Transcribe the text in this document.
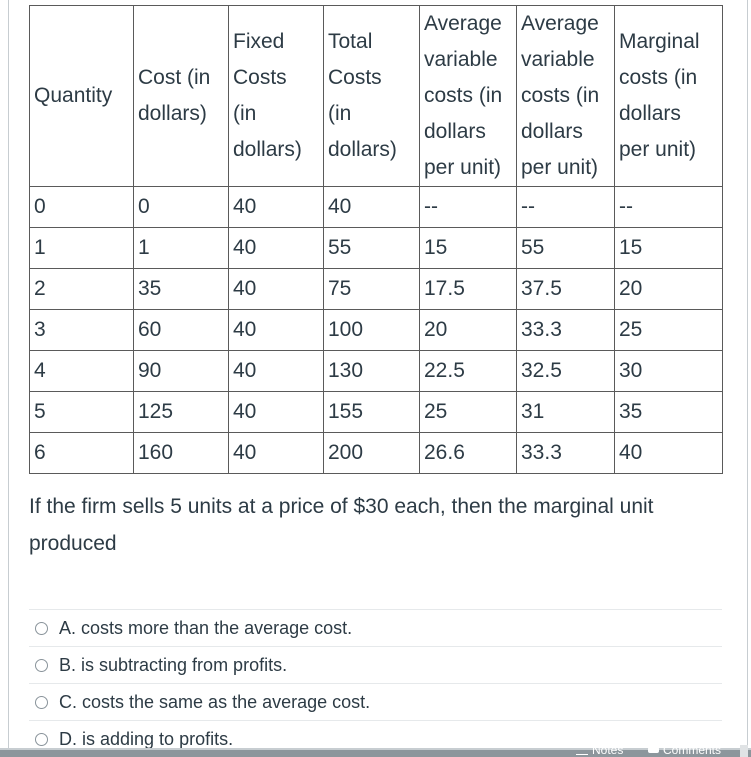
Quantity	Cost (in
dollars)	Fixed
Costs
(in
dollars)	Total
Costs
(in
dollars)	Average
variable
costs (in
dollars
per unit)	Average
variable
costs (in
dollars
per unit)	Marginal
costs (in
dollars
per unit)

0	0	40	40	--	--	--
1	1	40	55	15	55	15
2	35	40	75	17.5	37.5	20
3	60	40	100	20	33.3	25
4	90	40	130	22.5	32.5	30
5	125	40	155	25	31	35
6	160	40	200	26.6	33.3	40
If the firm sells 5 units at a price of $30 each, then the marginal unit produced
A. costs more than the average cost.
B. is subtracting from profits.
C. costs the same as the average cost.
D. is adding to profits.
Notes	Comments
